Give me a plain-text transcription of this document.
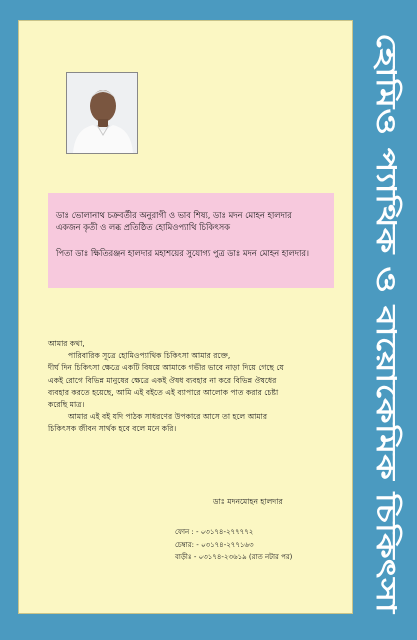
ডাঃ ভোলানাথ চক্রবর্তীর অনুরাগী ও ভাব শিষ্য, ডাঃ মদন মোহন হালদার
একজন কৃতী ও লব্ধ প্রতিষ্ঠিত হোমিওপ্যাথি চিকিৎসক
পিতা ডাঃ ক্ষিতিরঞ্জন হালদার মহাশয়ের সুযোগ্য পুত্র ডাঃ মদন মোহন হালদার।
আমার কথা,
পারিবারিক সূত্রে হোমিওপ্যাথিক চিকিৎসা আমার রক্তে,
দীর্ঘ দিন চিকিৎসা ক্ষেত্রে একটি বিষয়ে আমাকে গভীর ভাবে নাড়া দিয়ে গেছে যে
একই রোগে বিভিন্ন মানুষের ক্ষেত্রে একই ঔষধ ব্যবহার না করে বিভিন্ন ঔষধের
ব্যবহার করতে হয়েছে, আমি এই বইতে এই ব্যাপারে আলোক পাত করার চেষ্টা
করেছি মাত্র।
আমার এই বই যদি পাঠক সাধরণের উপকারে আসে তা হলে আমার
চিকিৎসক জীবন সার্থক হবে বলে মনে করি।
ডাঃ মদনমোহন হালদার
ফোন : - ০৩১৭৪-২৭৭৭৭২
চেম্বার: - ০৩১৭৪-২৭৭১৬৩
বাড়ীঃ - ০৩১৭৪-২৩৬১৯ (রাত নটার পর)
হোমিও প্যাথিক ও বায়োকেমিক চিকিৎসা
